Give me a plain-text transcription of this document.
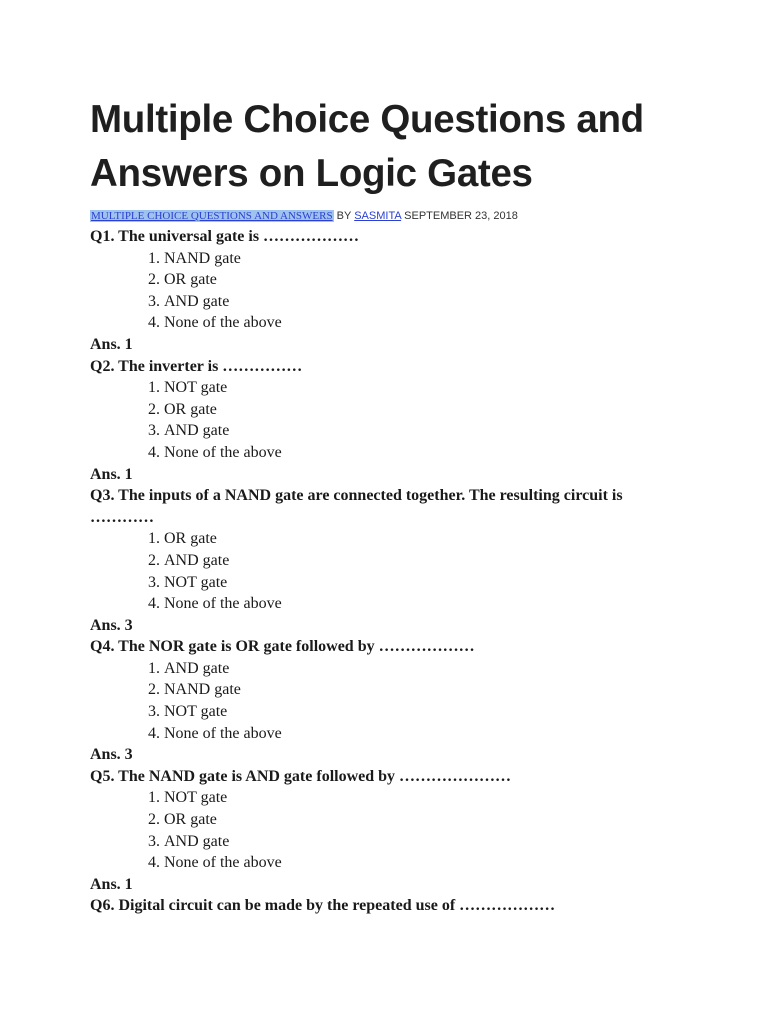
Multiple Choice Questions and Answers on Logic Gates
MULTIPLE CHOICE QUESTIONS AND ANSWERS BY SASMITA SEPTEMBER 23, 2018
Q1. The universal gate is ………………
1. NAND gate
2. OR gate
3. AND gate
4. None of the above
Ans. 1
Q2. The inverter is ……………
1. NOT gate
2. OR gate
3. AND gate
4. None of the above
Ans. 1
Q3. The inputs of a NAND gate are connected together. The resulting circuit is …………
1. OR gate
2. AND gate
3. NOT gate
4. None of the above
Ans. 3
Q4. The NOR gate is OR gate followed by ………………
1. AND gate
2. NAND gate
3. NOT gate
4. None of the above
Ans. 3
Q5. The NAND gate is AND gate followed by …………………
1. NOT gate
2. OR gate
3. AND gate
4. None of the above
Ans. 1
Q6. Digital circuit can be made by the repeated use of ………………
